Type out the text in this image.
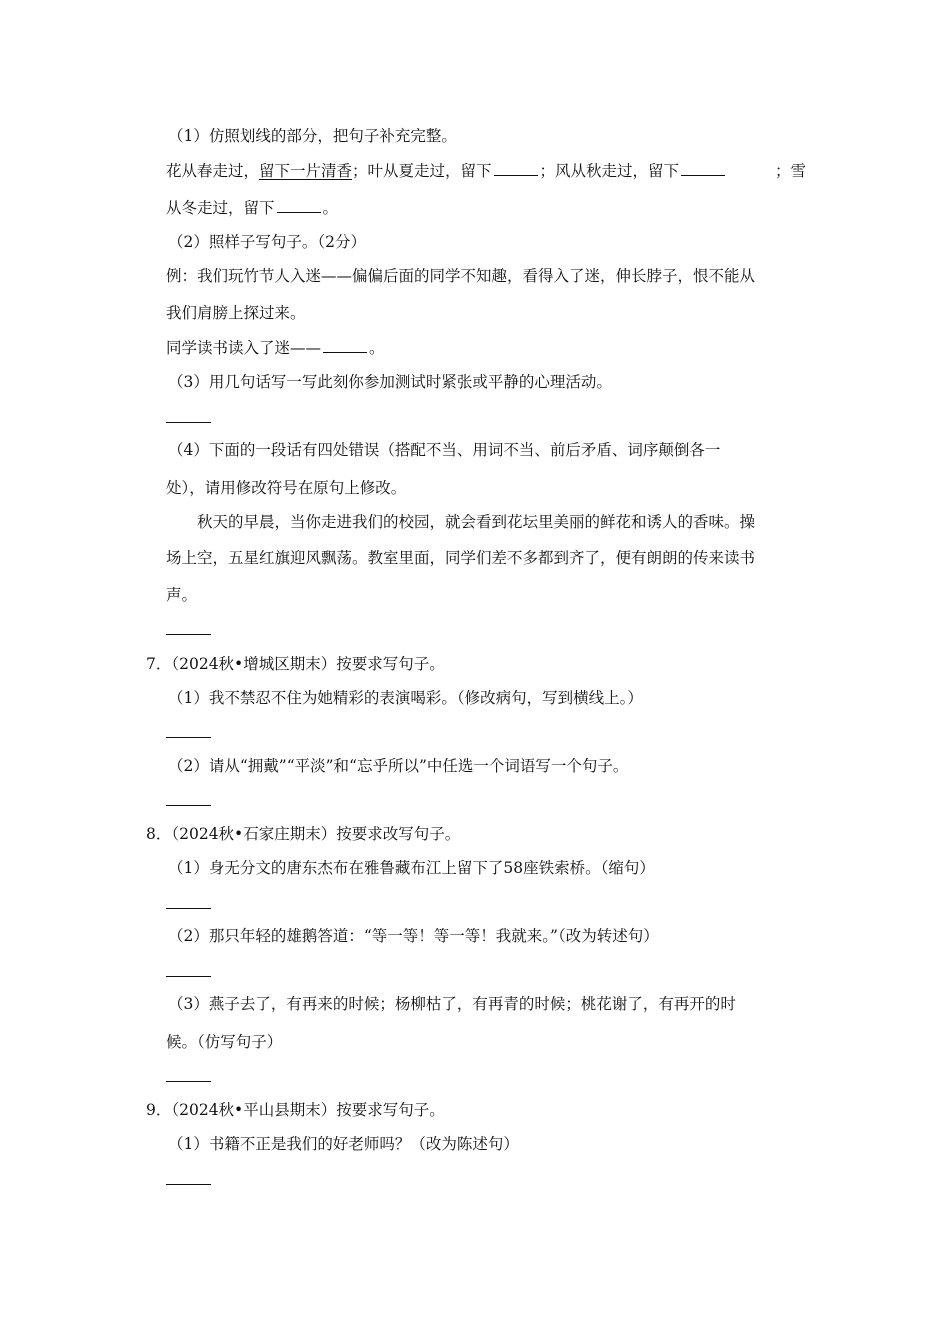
（1）仿照划线的部分，把句子补充完整。
花从春走过，留下一片清香；叶从夏走过，留下	；风从秋走过，留下	；雪
从冬走过，留下	。
（2）照样子写句子。（2分）
例：我们玩竹节人入迷——偏偏后面的同学不知趣，看得入了迷，伸长脖子，恨不能从
我们肩膀上探过来。
同学读书读入了迷——	。
（3）用几句话写一写此刻你参加测试时紧张或平静的心理活动。
（4）下面的一段话有四处错误（搭配不当、用词不当、前后矛盾、词序颠倒各一
处），请用修改符号在原句上修改。
秋天的早晨，当你走进我们的校园，就会看到花坛里美丽的鲜花和诱人的香味。操
场上空，五星红旗迎风飘荡。教室里面，同学们差不多都到齐了，便有朗朗的传来读书
声。
7．（2024秋•增城区期末）按要求写句子。
（1）我不禁忍不住为她精彩的表演喝彩。（修改病句，写到横线上。）
（2）请从“拥戴”“平淡”和“忘乎所以”中任选一个词语写一个句子。
8．（2024秋•石家庄期末）按要求改写句子。
（1）身无分文的唐东杰布在雅鲁藏布江上留下了58座铁索桥。（缩句）
（2）那只年轻的雄鹅答道：“等一等！等一等！我就来。”（改为转述句）
（3）燕子去了，有再来的时候；杨柳枯了，有再青的时候；桃花谢了，有再开的时
候。（仿写句子）
9．（2024秋•平山县期末）按要求写句子。
（1）书籍不正是我们的好老师吗？（改为陈述句）
